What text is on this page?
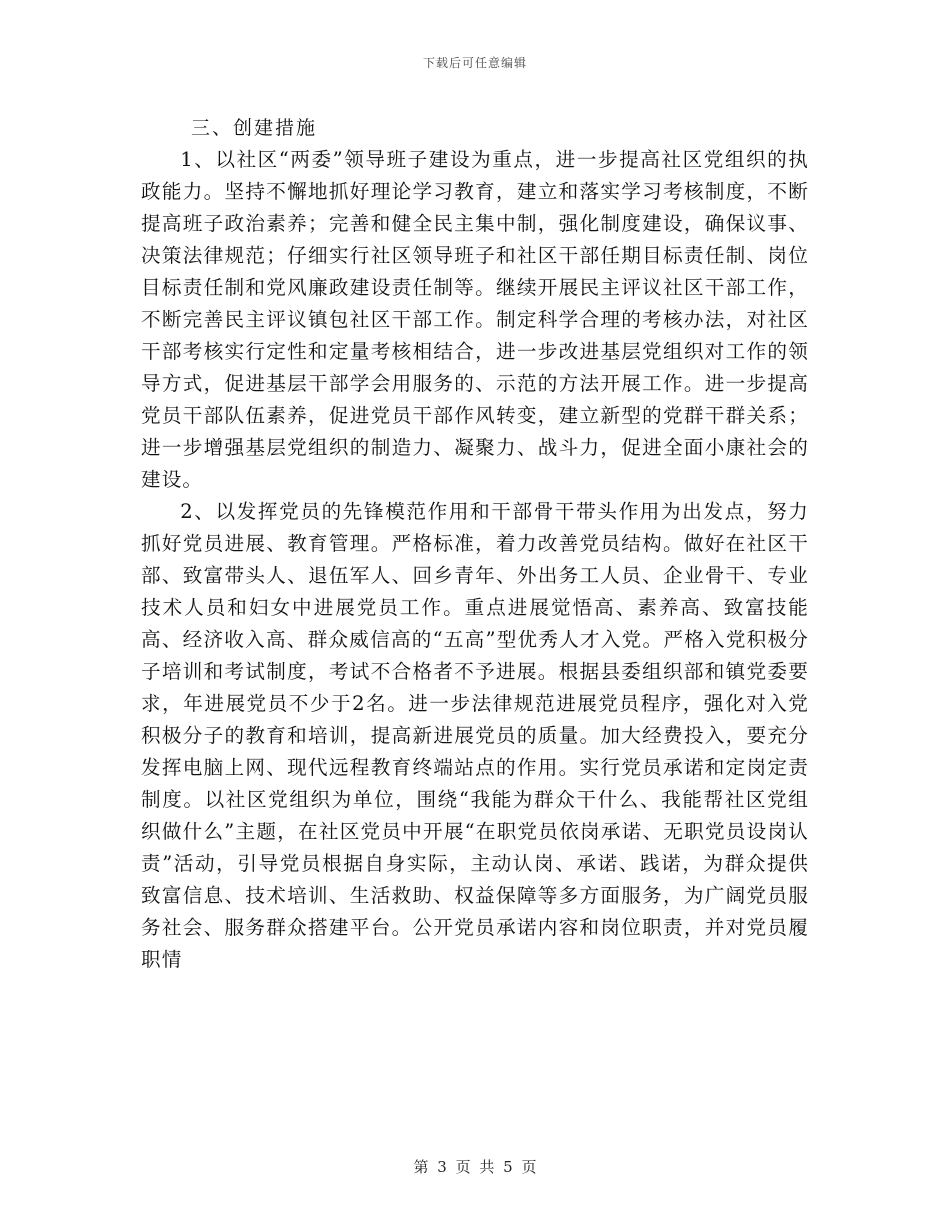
下载后可任意编辑
三、创建措施

1、以社区“两委”领导班子建设为重点，进一步提高社区党组织的执政能力。坚持不懈地抓好理论学习教育，建立和落实学习考核制度，不断提高班子政治素养；完善和健全民主集中制，强化制度建设，确保议事、决策法律规范；仔细实行社区领导班子和社区干部任期目标责任制、岗位目标责任制和党风廉政建设责任制等。继续开展民主评议社区干部工作，不断完善民主评议镇包社区干部工作。制定科学合理的考核办法，对社区干部考核实行定性和定量考核相结合，进一步改进基层党组织对工作的领导方式，促进基层干部学会用服务的、示范的方法开展工作。进一步提高党员干部队伍素养，促进党员干部作风转变，建立新型的党群干群关系；进一步增强基层党组织的制造力、凝聚力、战斗力，促进全面小康社会的建设。

2、以发挥党员的先锋模范作用和干部骨干带头作用为出发点，努力抓好党员进展、教育管理。严格标准，着力改善党员结构。做好在社区干部、致富带头人、退伍军人、回乡青年、外出务工人员、企业骨干、专业技术人员和妇女中进展党员工作。重点进展觉悟高、素养高、致富技能高、经济收入高、群众威信高的“五高”型优秀人才入党。严格入党积极分子培训和考试制度，考试不合格者不予进展。根据县委组织部和镇党委要求，年进展党员不少于2名。进一步法律规范进展党员程序，强化对入党积极分子的教育和培训，提高新进展党员的质量。加大经费投入，要充分发挥电脑上网、现代远程教育终端站点的作用。实行党员承诺和定岗定责制度。以社区党组织为单位，围绕“我能为群众干什么、我能帮社区党组织做什么”主题，在社区党员中开展“在职党员依岗承诺、无职党员设岗认责”活动，引导党员根据自身实际，主动认岗、承诺、践诺，为群众提供致富信息、技术培训、生活救助、权益保障等多方面服务，为广阔党员服务社会、服务群众搭建平台。公开党员承诺内容和岗位职责，并对党员履职情

第 3 页 共 5 页
